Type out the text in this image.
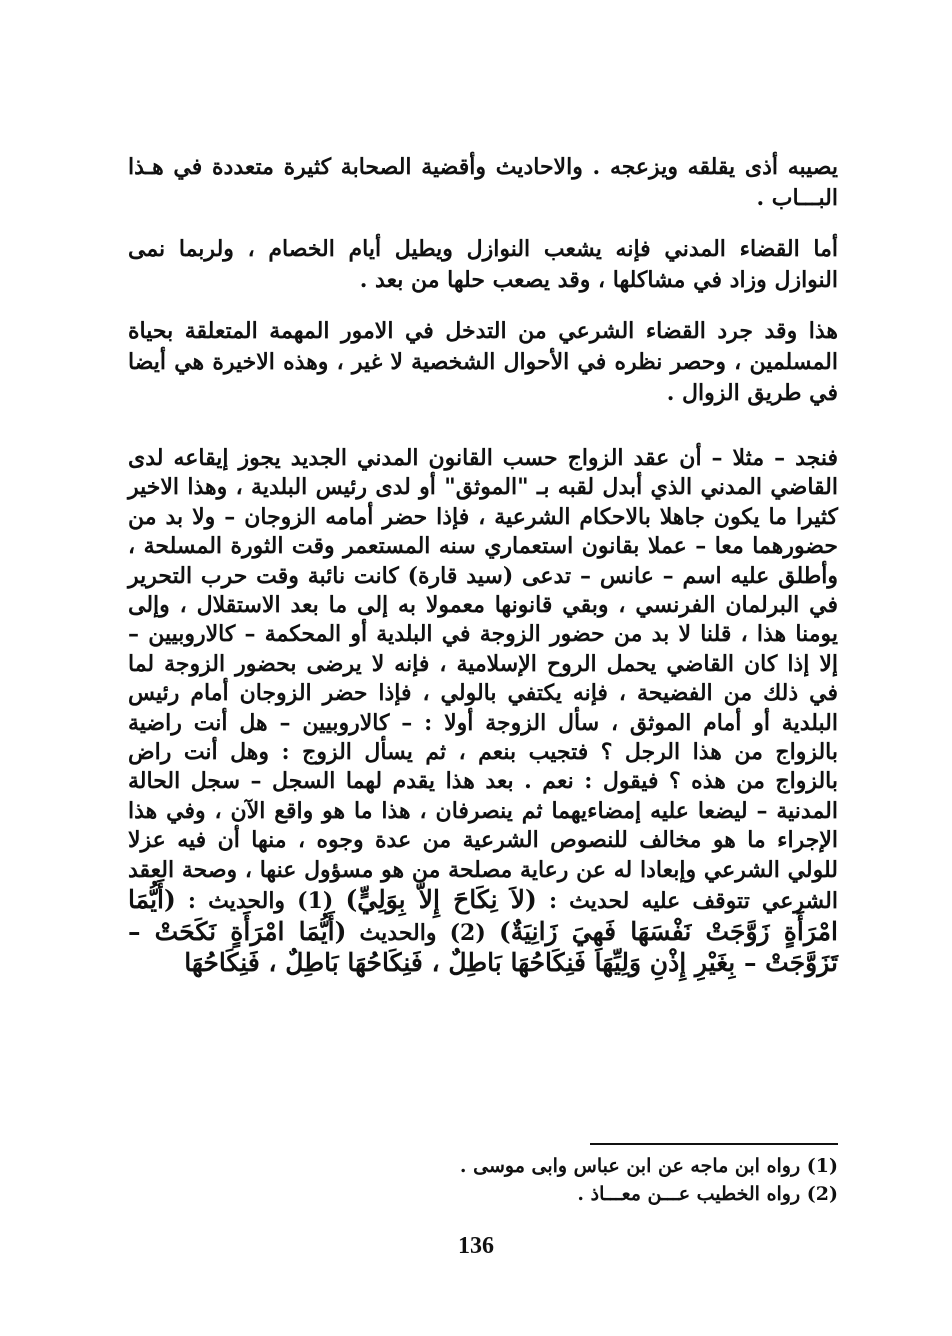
يصيبه أذى يقلقه ويزعجه . والاحاديث وأقضية الصحابة كثيرة متعددة في هـذا البـــاب .

أما القضاء المدني فإنه يشعب النوازل ويطيل أيام الخصام ، ولربما نمى النوازل وزاد في مشاكلها ، وقد يصعب حلها من بعد .

هذا وقد جرد القضاء الشرعي من التدخل في الامور المهمة المتعلقة بحياة المسلمين ، وحصر نظره في الأحوال الشخصية لا غير ، وهذه الاخيرة هي أيضا في طريق الزوال .

فنجد – مثلا – أن عقد الزواج حسب القانون المدني الجديد يجوز إيقاعه لدى القاضي المدني الذي أبدل لقبه بـ "الموثق" أو لدى رئيس البلدية ، وهذا الاخير كثيرا ما يكون جاهلا بالاحكام الشرعية ، فإذا حضر أمامه الزوجان – ولا بد من حضورهما معا – عملا بقانون استعماري سنه المستعمر وقت الثورة المسلحة ، وأطلق عليه اسم – عانس – تدعى (سيد قارة) كانت نائبة وقت حرب التحرير في البرلمان الفرنسي ، وبقي قانونها معمولا به إلى ما بعد الاستقلال ، وإلى يومنا هذا ، قلنا لا بد من حضور الزوجة في البلدية أو المحكمة – كالاروبيين – إلا إذا كان القاضي يحمل الروح الإسلامية ، فإنه لا يرضى بحضور الزوجة لما في ذلك من الفضيحة ، فإنه يكتفي بالولي ، فإذا حضر الزوجان أمام رئيس البلدية أو أمام الموثق ، سأل الزوجة أولا : – كالاروبيين – هل أنت راضية بالزواج من هذا الرجل ؟ فتجيب بنعم ، ثم يسأل الزوج : وهل أنت راض بالزواج من هذه ؟ فيقول : نعم . بعد هذا يقدم لهما السجل – سجل الحالة المدنية – ليضعا عليه إمضاءيهما ثم ينصرفان ، هذا ما هو واقع الآن ، وفي هذا الإجراء ما هو مخالف للنصوص الشرعية من عدة وجوه ، منها أن فيه عزلا للولي الشرعي وإبعادا له عن رعاية مصلحة من هو مسؤول عنها ، وصحة العقد الشرعي تتوقف عليه لحديث : (لاَ نِكَاحَ إِلاَّ بِوَلِيٍّ) (1) والحديث : (أَيُّمَا امْرَأَةٍ زَوَّجَتْ نَفْسَهَا فَهِيَ زَانِيَةٌ) (2) والحديث (أَيُّمَا امْرَأَةٍ نَكَحَتْ – تَزَوَّجَتْ – بِغَيْرِ إِذْنِ وَلِيِّهَا فَنِكَاحُهَا بَاطِلٌ ، فَنِكَاحُهَا بَاطِلٌ ، فَنِكَاحُهَا

(1) رواه ابن ماجه عن ابن عباس وابى موسى .
(2) رواه الخطيب عـــن معـــاذ .
136
